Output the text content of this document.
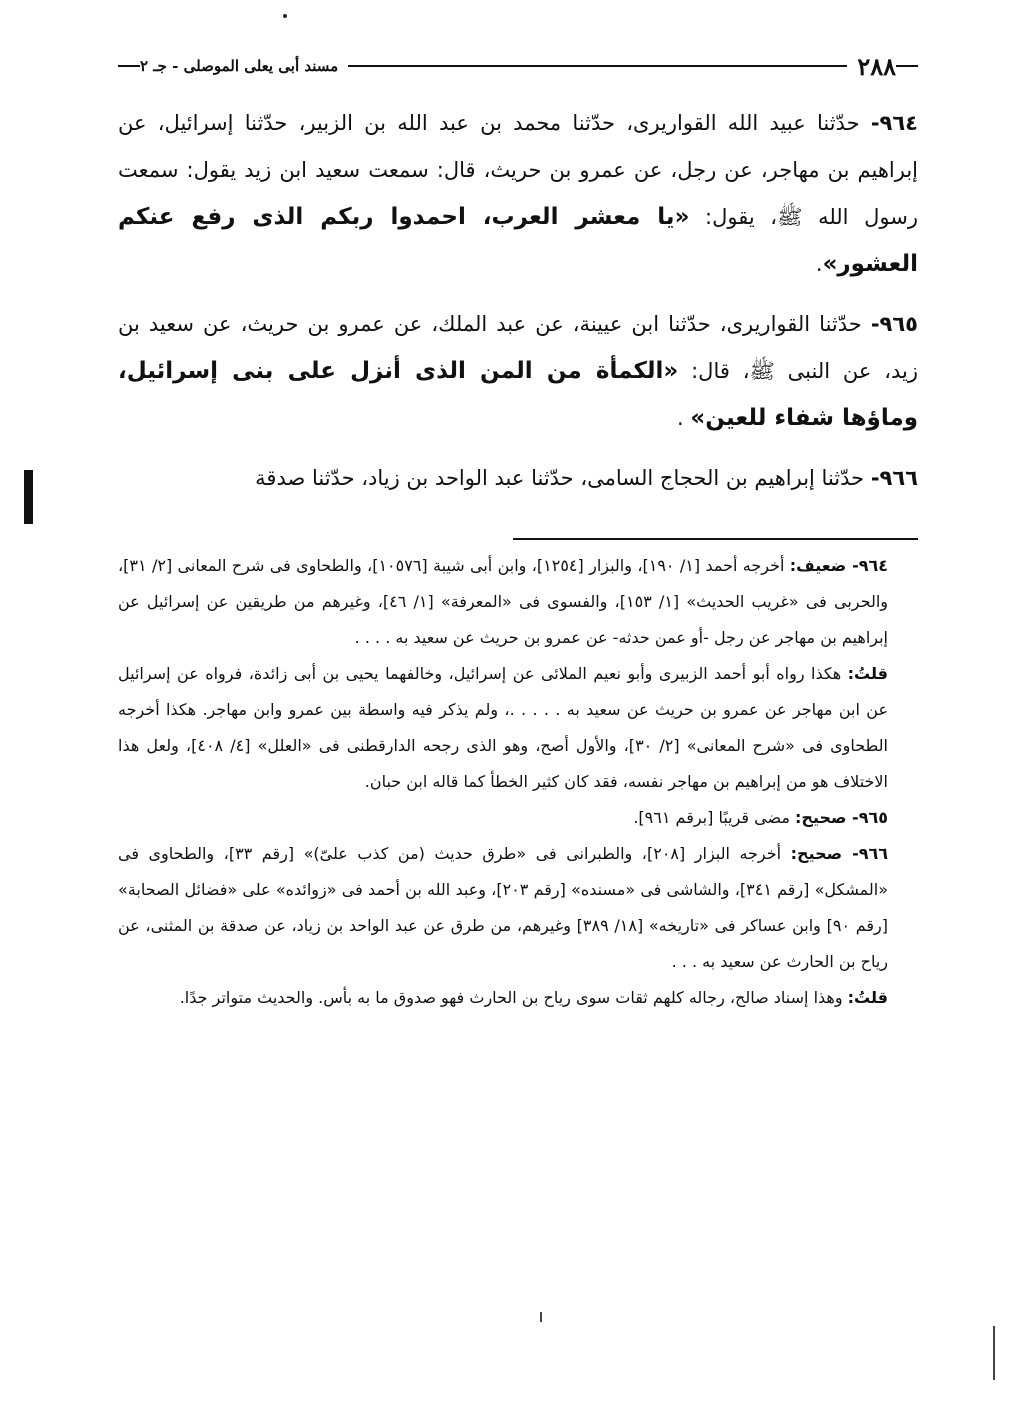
٢٨٨
مسند أبى يعلى الموصلى - جـ ٢

٩٦٤- حدّثنا عبيد الله القواريرى، حدّثنا محمد بن عبد الله بن الزبير، حدّثنا إسرائيل، عن إبراهيم بن مهاجر، عن رجل، عن عمرو بن حريث، قال: سمعت سعيد ابن زيد يقول: سمعت رسول الله ﷺ، يقول: «يا معشر العرب، احمدوا ربكم الذى رفع عنكم العشور».

٩٦٥- حدّثنا القواريرى، حدّثنا ابن عيينة، عن عبد الملك، عن عمرو بن حريث، عن سعيد بن زيد، عن النبى ﷺ، قال: «الكمأة من المن الذى أنزل على بنى إسرائيل، وماؤها شفاء للعين» .

٩٦٦- حدّثنا إبراهيم بن الحجاج السامى، حدّثنا عبد الواحد بن زياد، حدّثنا صدقة

٩٦٤- ضعيف: أخرجه أحمد [١/ ١٩٠]، والبزار [١٢٥٤]، وابن أبى شيبة [١٠٥٧٦]، والطحاوى فى شرح المعانى [٢/ ٣١]، والحربى فى «غريب الحديث» [١/ ١٥٣]، والفسوى فى «المعرفة» [١/ ٤٦]، وغيرهم من طريقين عن إسرائيل عن إبراهيم بن مهاجر عن رجل -أو عمن حدثه- عن عمرو بن حريث عن سعيد به . . . .

قلتُ: هكذا رواه أبو أحمد الزبيرى وأبو نعيم الملائى عن إسرائيل، وخالفهما يحيى بن أبى زائدة، فرواه عن إسرائيل عن ابن مهاجر عن عمرو بن حريث عن سعيد به . . . . .، ولم يذكر فيه واسطة بين عمرو وابن مهاجر. هكذا أخرجه الطحاوى فى «شرح المعانى» [٢/ ٣٠]، والأول أصح، وهو الذى رجحه الدارقطنى فى «العلل» [٤/ ٤٠٨]، ولعل هذا الاختلاف هو من إبراهيم بن مهاجر نفسه، فقد كان كثير الخطأ كما قاله ابن حبان.

٩٦٥- صحيح: مضى قريبًا [برقم ٩٦١].

٩٦٦- صحيح: أخرجه البزار [٢٠٨]، والطبرانى فى «طرق حديث (من كذب علىّ)» [رقم ٣٣]، والطحاوى فى «المشكل» [رقم ٣٤١]، والشاشى فى «مسنده» [رقم ٢٠٣]، وعبد الله بن أحمد فى «زوائده» على «فضائل الصحابة» [رقم ٩٠] وابن عساكر فى «تاريخه» [١٨/ ٣٨٩] وغيرهم، من طرق عن عبد الواحد بن زياد، عن صدقة بن المثنى، عن رياح بن الحارث عن سعيد به . . .

قلتُ: وهذا إسناد صالح، رجاله كلهم ثقات سوى رياح بن الحارث فهو صدوق ما به بأس. والحديث متواتر جدًا.
